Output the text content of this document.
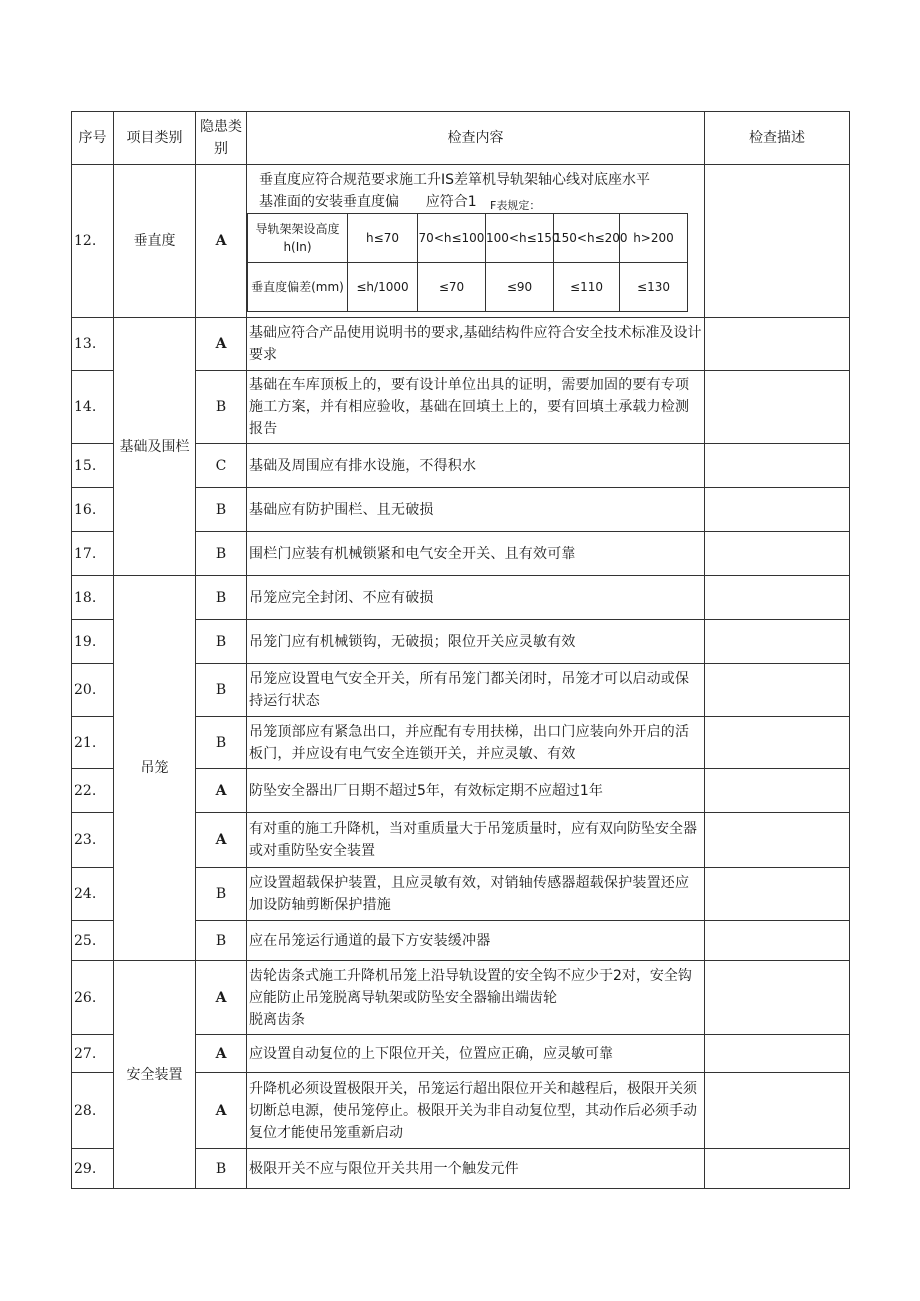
序号	项目类别	
隐患类
别
	检查内容	检查描述
12.	垂直度	A	
垂直度应符合规范要求施工升IS差箪机导轨架轴心线对底座水平
基准面的安装垂直度偏      应符合1	F表规定：
导轨架架设高度h(In)	h≤70	70<h≤100	100<h≤150	150<h≤200	h>200
垂直度偏差(mm)	≤h/1000	≤70	≤90	≤110	≤130

13.	基础及围栏	A	基础应符合产品使用说明书的要求,基础结构件应符合安全技术标准及设计要求	
14.	B	基础在车库顶板上的，要有设计单位出具的证明，需要加固的要有专项施工方案，并有相应验收，基础在回填土上的，要有回填土承载力检测报告	
15.	C	基础及周围应有排水设施，不得积水	
16.	B	基础应有防护围栏、且无破损	
17.	B	围栏门应装有机械锁紧和电气安全开关、且有效可靠	
18.	吊笼	B	吊笼应完全封闭、不应有破损	
19.	B	吊笼门应有机械锁钩，无破损；限位开关应灵敏有效	
20.	B	吊笼应设置电气安全开关，所有吊笼门都关闭时，吊笼才可以启动或保持运行状态	
21.	B	吊笼顶部应有紧急出口，并应配有专用扶梯，出口门应装向外开启的活板门，并应设有电气安全连锁开关，并应灵敏、有效	
22.	A	防坠安全器出厂日期不超过5年，有效标定期不应超过1年	
23.	A	有对重的施工升降机，当对重质量大于吊笼质量时，应有双向防坠安全器或对重防坠安全装置	
24.	B	应设置超载保护装置，且应灵敏有效，对销轴传感器超载保护装置还应加设防轴剪断保护措施	
25.	B	应在吊笼运行通道的最下方安装缓冲器	
26.	安全装置	A	
齿轮齿条式施工升降机吊笼上沿导轨设置的安全钩不应少于2对，安全钩应能防止吊笼脱离导轨架或防坠安全器输出端齿轮
脱离齿条

27.	A	应设置自动复位的上下限位开关，位置应正确，应灵敏可靠	
28.	A	升降机必须设置极限开关，吊笼运行超出限位开关和越程后，极限开关须切断总电源，使吊笼停止。极限开关为非自动复位型，其动作后必须手动复位才能使吊笼重新启动	
29.	B	极限开关不应与限位开关共用一个触发元件	
